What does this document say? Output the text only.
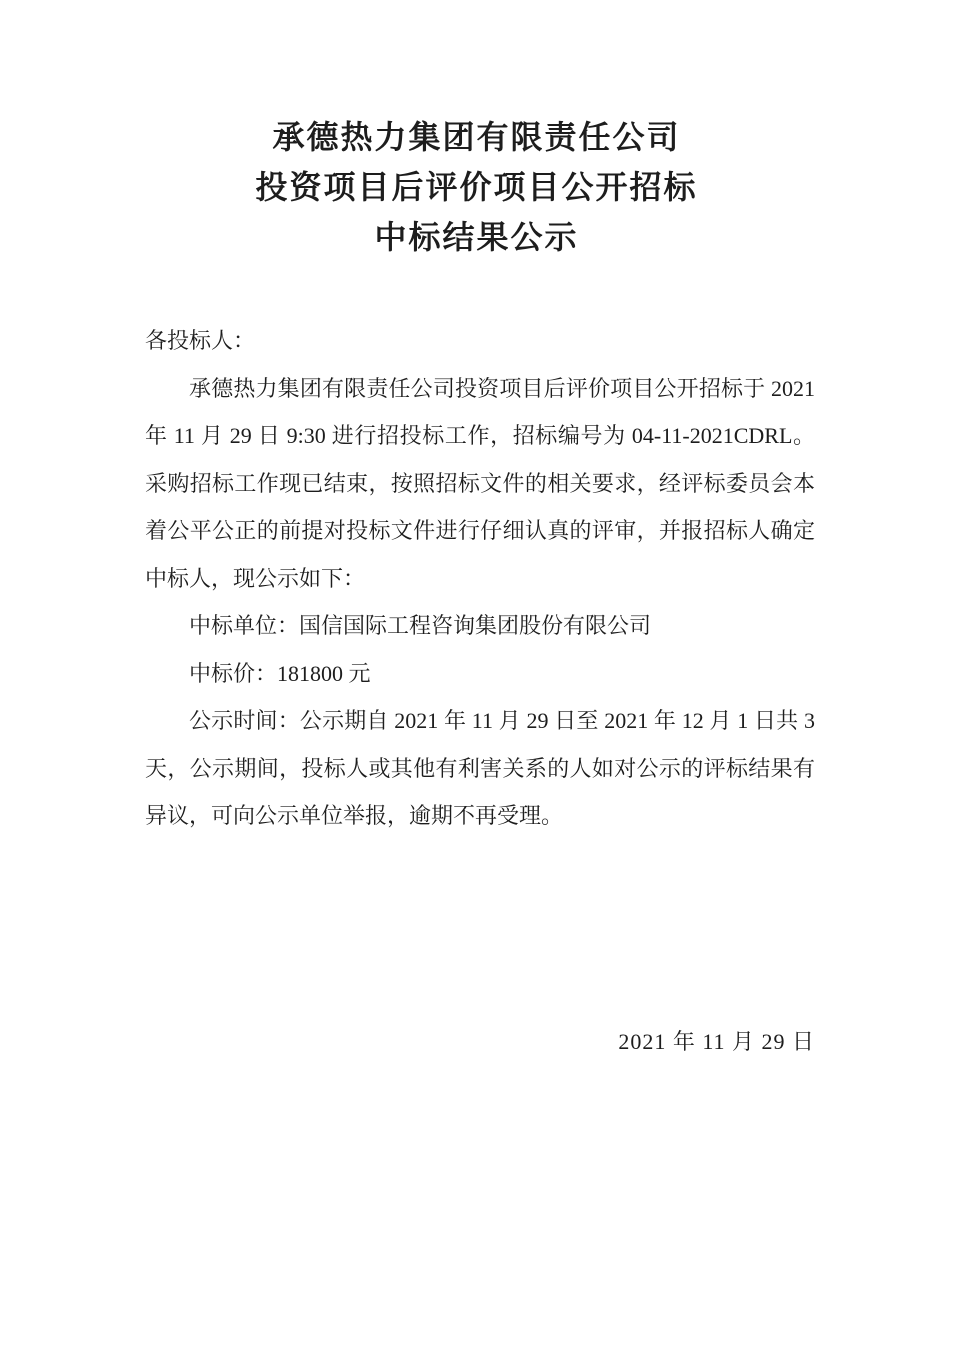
承德热力集团有限责任公司
投资项目后评价项目公开招标
中标结果公示

各投标人：

承德热力集团有限责任公司投资项目后评价项目公开招标于 2021 年 11 月 29 日 9:30 进行招投标工作，招标编号为 04-11-2021CDRL。采购招标工作现已结束，按照招标文件的相关要求，经评标委员会本着公平公正的前提对投标文件进行仔细认真的评审，并报招标人确定中标人，现公示如下：

中标单位：国信国际工程咨询集团股份有限公司

中标价：181800 元

公示时间：公示期自 2021 年 11 月 29 日至 2021 年 12 月 1 日共 3 天，公示期间，投标人或其他有利害关系的人如对公示的评标结果有异议，可向公示单位举报，逾期不再受理。

2021 年 11 月 29 日
